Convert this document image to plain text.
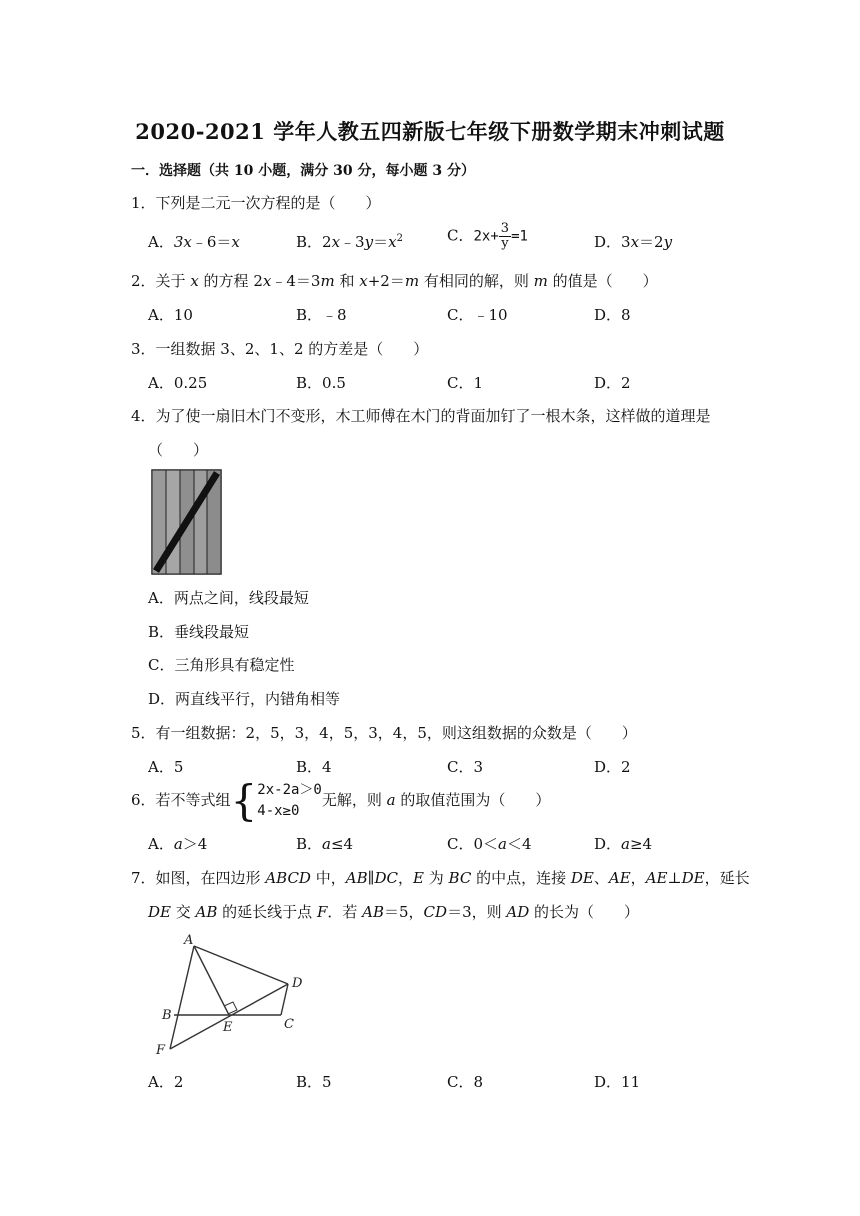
2020-2021 学年人教五四新版七年级下册数学期末冲刺试题
一．选择题（共 10 小题，满分 30 分，每小题 3 分）
1．下列是二元一次方程的是（　　）
A．3x﹣6＝x	B．$2x﹣3y=x^2$	C．$2x+ \frac{3}{y} =1$	D．3x＝2y
2．关于 x 的方程 2x﹣4＝3m 和 x+2＝m 有相同的解，则 m 的值是（　　）
A．10	B．﹣8	C．﹣10	D．8
3．一组数据 3、2、1、2 的方差是（　　）
A．0.25	B．0.5	C．1	D．2
4．为了使一扇旧木门不变形，木工师傅在木门的背面加钉了一根木条，这样做的道理是
（　　）
A．两点之间，线段最短
B．垂线段最短
C．三角形具有稳定性
D．两直线平行，内错角相等
5．有一组数据：2，5，3，4，5，3，4，5，则这组数据的众数是（　　）
A．5	B．4	C．3	D．2
6．若不等式组{ 2x-2a＞0
4-x≥0
无解，则 a 的取值范围为（　　）
A．a＞4	B．a≤4	C．0＜a＜4	D．a≥4
7．如图，在四边形 ABCD 中，AB∥DC，E 为 BC 的中点，连接 DE、AE，AE⊥DE，延长
DE 交 AB 的延长线于点 F．若 AB＝5，CD＝3，则 AD 的长为（　　）
A
D
B
C
E
F
A．2	B．5	C．8	D．11
